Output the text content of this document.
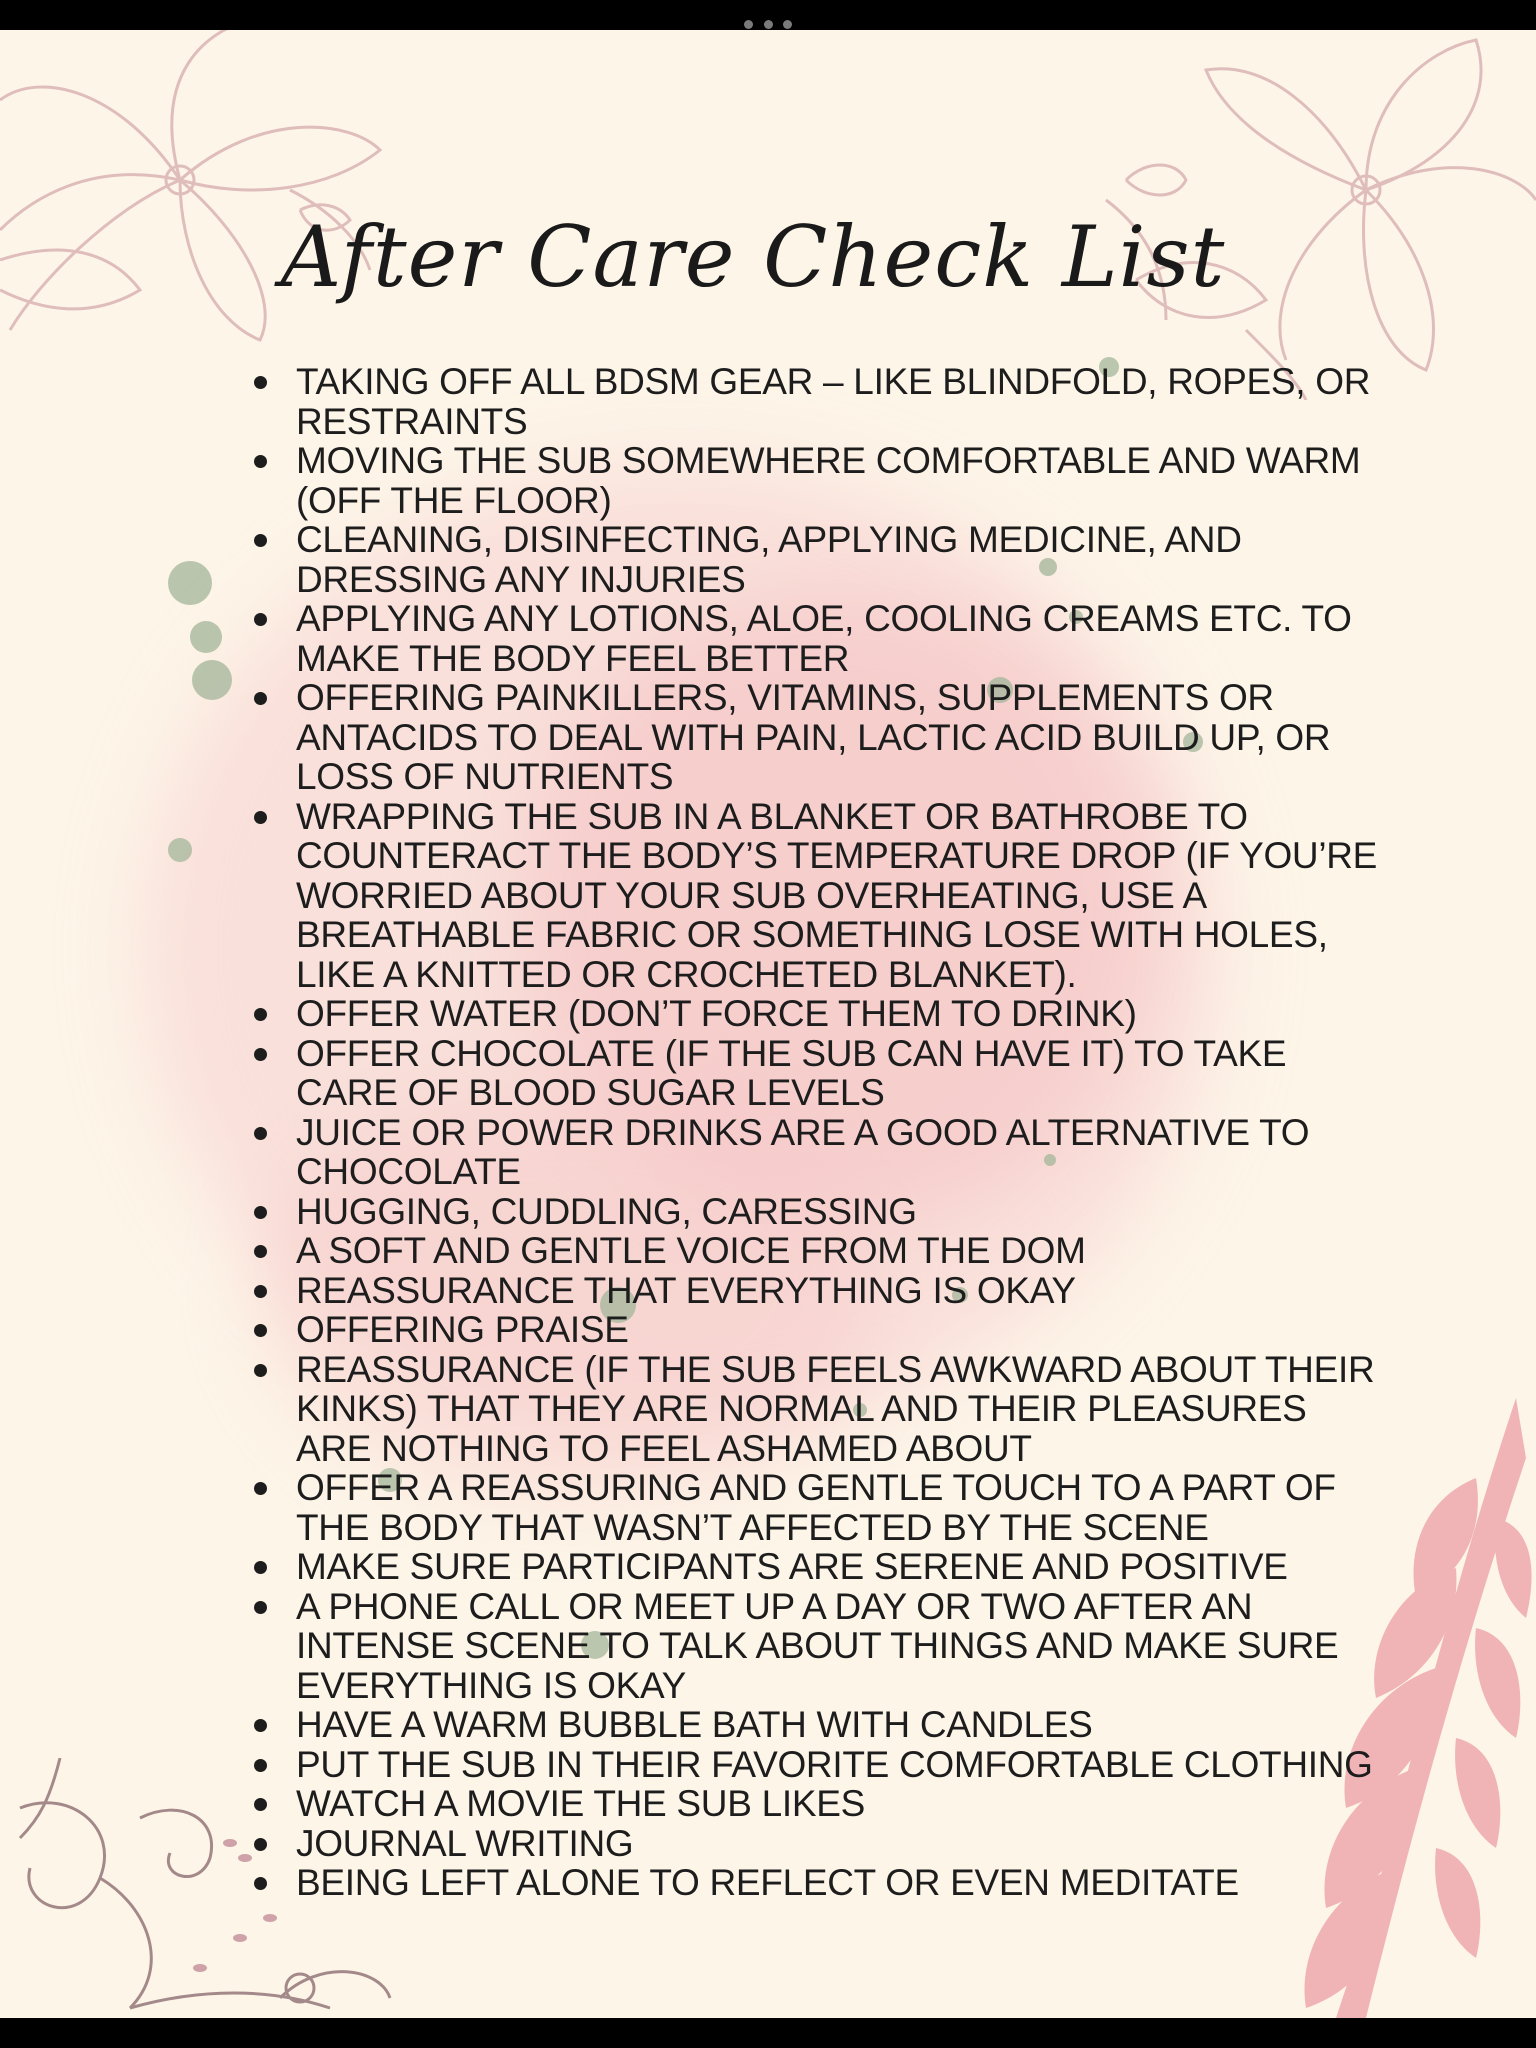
After Care Check List
TAKING OFF ALL BDSM GEAR – LIKE BLINDFOLD, ROPES, OR RESTRAINTS
MOVING THE SUB SOMEWHERE COMFORTABLE AND WARM (OFF THE FLOOR)
CLEANING, DISINFECTING, APPLYING MEDICINE, AND DRESSING ANY INJURIES
APPLYING ANY LOTIONS, ALOE, COOLING CREAMS ETC. TO MAKE THE BODY FEEL BETTER
OFFERING PAINKILLERS, VITAMINS, SUPPLEMENTS OR ANTACIDS TO DEAL WITH PAIN, LACTIC ACID BUILD UP, OR LOSS OF NUTRIENTS
WRAPPING THE SUB IN A BLANKET OR BATHROBE TO COUNTERACT THE BODY’S TEMPERATURE DROP (IF YOU’RE WORRIED ABOUT YOUR SUB OVERHEATING, USE A BREATHABLE FABRIC OR SOMETHING LOSE WITH HOLES, LIKE A KNITTED OR CROCHETED BLANKET).
OFFER WATER (DON’T FORCE THEM TO DRINK)
OFFER CHOCOLATE (IF THE SUB CAN HAVE IT) TO TAKE CARE OF BLOOD SUGAR LEVELS
JUICE OR POWER DRINKS ARE A GOOD ALTERNATIVE TO CHOCOLATE
HUGGING, CUDDLING, CARESSING
A SOFT AND GENTLE VOICE FROM THE DOM
REASSURANCE THAT EVERYTHING IS OKAY
OFFERING PRAISE
REASSURANCE (IF THE SUB FEELS AWKWARD ABOUT THEIR KINKS) THAT THEY ARE NORMAL AND THEIR PLEASURES ARE NOTHING TO FEEL ASHAMED ABOUT
OFFER A REASSURING AND GENTLE TOUCH TO A PART OF THE BODY THAT WASN’T AFFECTED BY THE SCENE
MAKE SURE PARTICIPANTS ARE SERENE AND POSITIVE
A PHONE CALL OR MEET UP A DAY OR TWO AFTER AN INTENSE SCENE TO TALK ABOUT THINGS AND MAKE SURE EVERYTHING IS OKAY
HAVE A WARM BUBBLE BATH WITH CANDLES
PUT THE SUB IN THEIR FAVORITE COMFORTABLE CLOTHING
WATCH A MOVIE THE SUB LIKES
JOURNAL WRITING
BEING LEFT ALONE TO REFLECT OR EVEN MEDITATE
